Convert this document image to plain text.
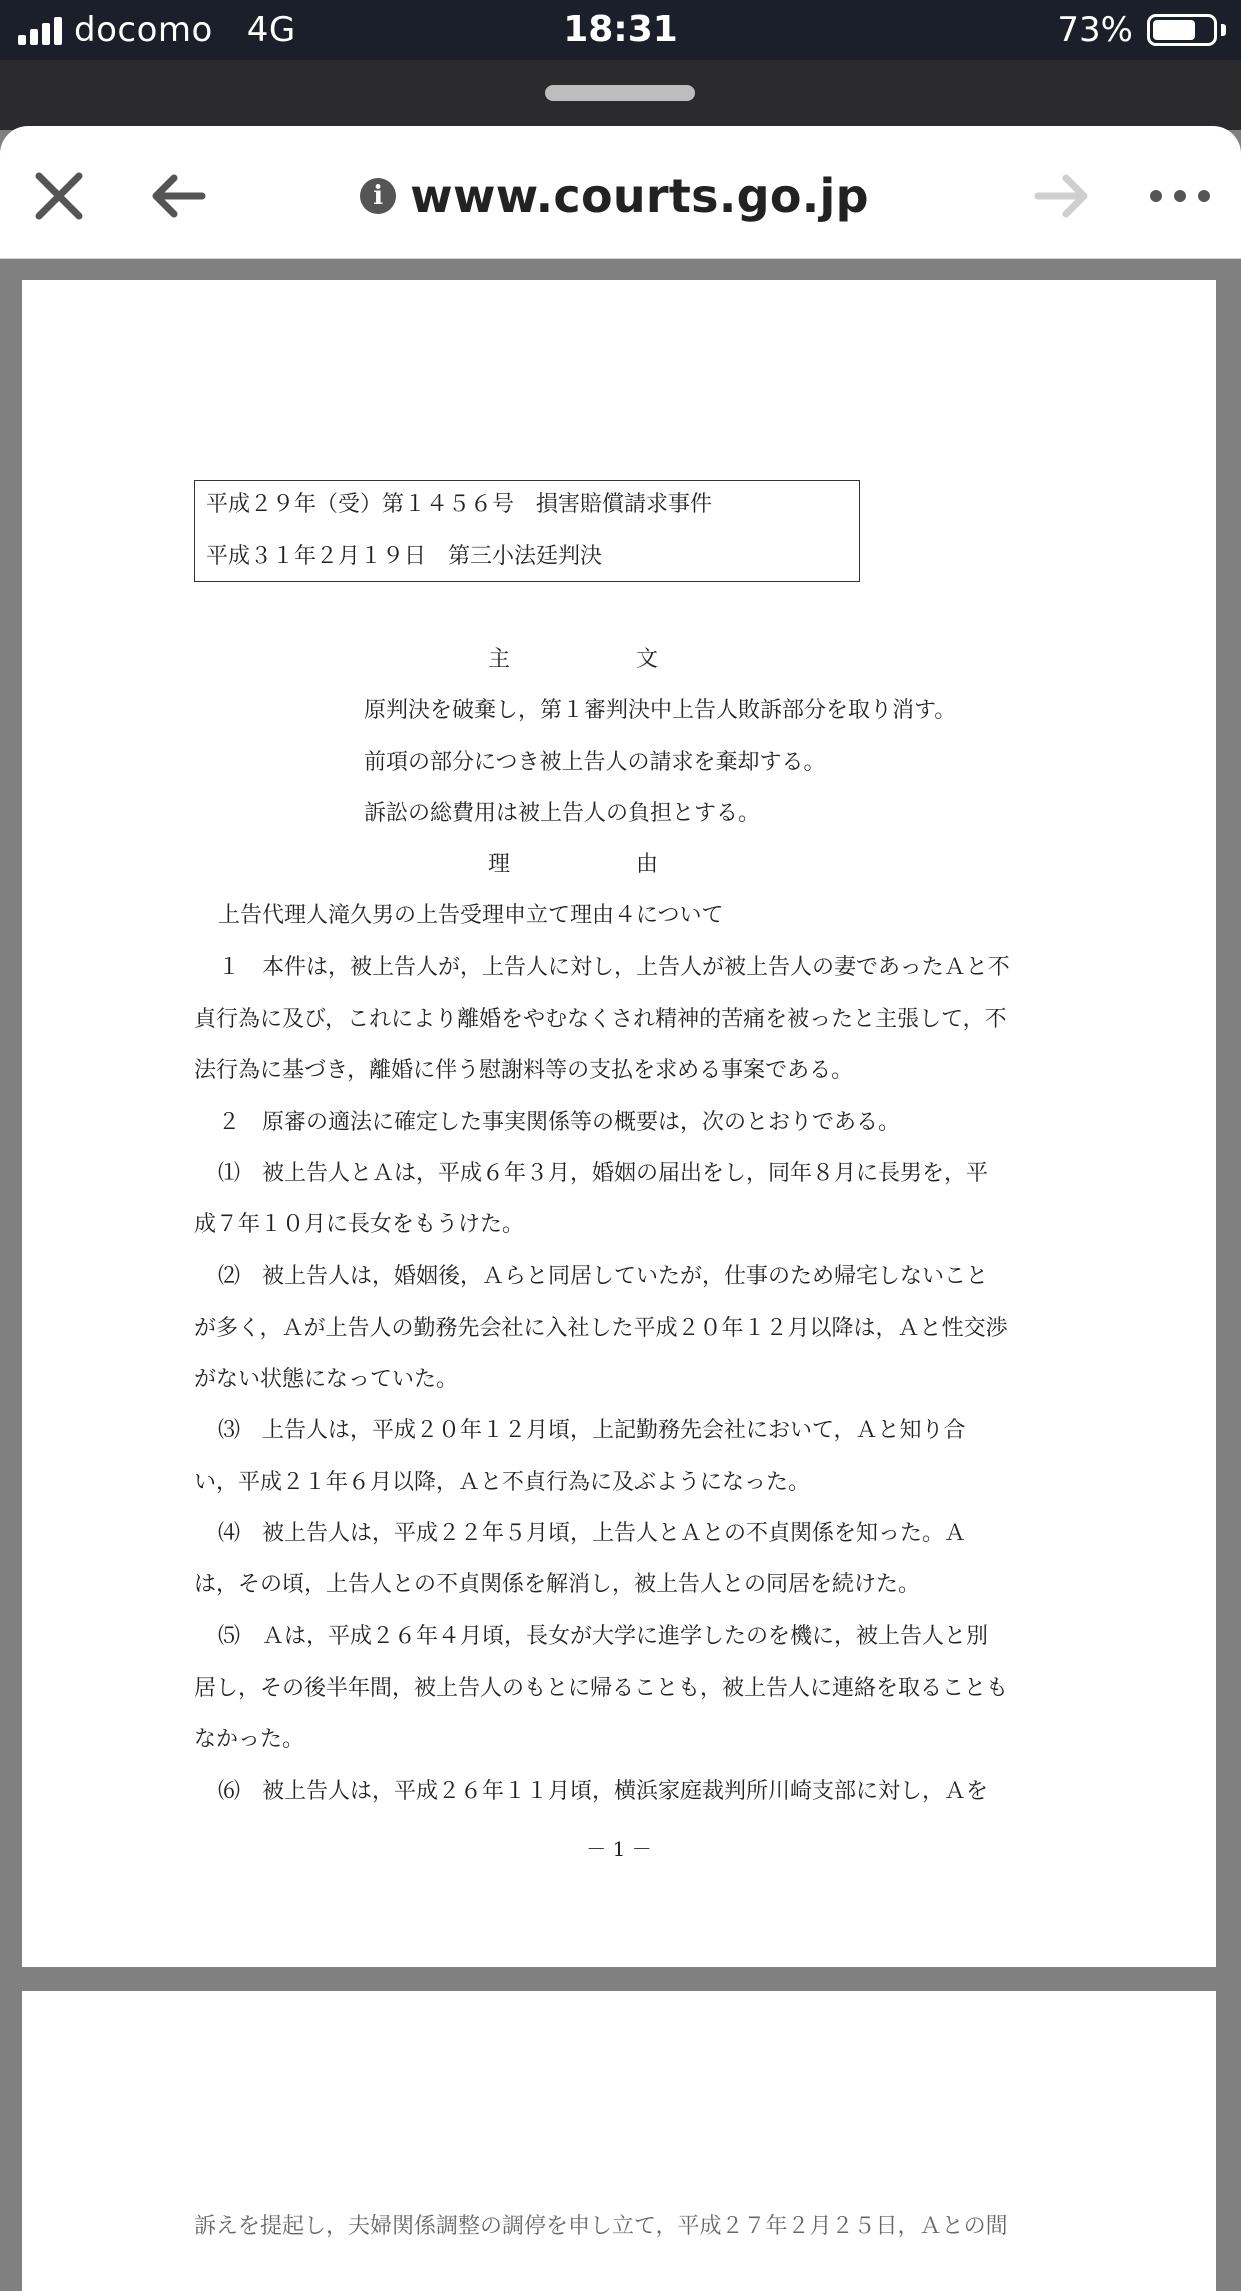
docomo 4G	18:31	73%
i www.courts.go.jp
平成２９年（受）第１４５６号　損害賠償請求事件
平成３１年２月１９日　第三小法廷判決
主	文
原判決を破棄し，第１審判決中上告人敗訴部分を取り消す。
前項の部分につき被上告人の請求を棄却する。
訴訟の総費用は被上告人の負担とする。
理	由
上告代理人滝久男の上告受理申立て理由４について
１　本件は，被上告人が，上告人に対し，上告人が被上告人の妻であったＡと不
貞行為に及び，これにより離婚をやむなくされ精神的苦痛を被ったと主張して，不
法行為に基づき，離婚に伴う慰謝料等の支払を求める事案である。
２　原審の適法に確定した事実関係等の概要は，次のとおりである。
⑴　被上告人とＡは，平成６年３月，婚姻の届出をし，同年８月に長男を，平
成７年１０月に長女をもうけた。
⑵　被上告人は，婚姻後，Ａらと同居していたが，仕事のため帰宅しないこと
が多く，Ａが上告人の勤務先会社に入社した平成２０年１２月以降は，Ａと性交渉
がない状態になっていた。
⑶　上告人は，平成２０年１２月頃，上記勤務先会社において，Ａと知り合
い，平成２１年６月以降，Ａと不貞行為に及ぶようになった。
⑷　被上告人は，平成２２年５月頃，上告人とＡとの不貞関係を知った。Ａ
は，その頃，上告人との不貞関係を解消し，被上告人との同居を続けた。
⑸　Ａは，平成２６年４月頃，長女が大学に進学したのを機に，被上告人と別
居し，その後半年間，被上告人のもとに帰ることも，被上告人に連絡を取ることも
なかった。
⑹　被上告人は，平成２６年１１月頃，横浜家庭裁判所川崎支部に対し，Ａを
－ 1 －
訴えを提起し，夫婦関係調整の調停を申し立て，平成２７年２月２５日，Ａとの間
